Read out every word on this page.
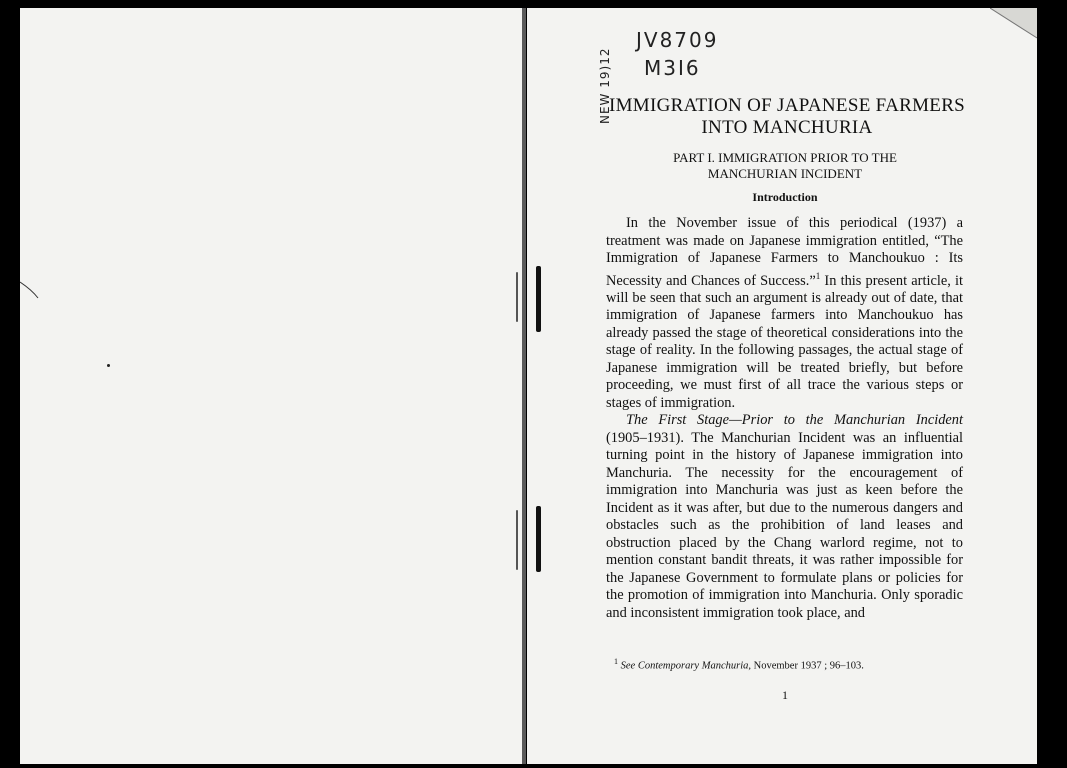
JV8709
M3I6
NEW 19)12
IMMIGRATION OF JAPANESE FARMERS
INTO MANCHURIA
PART I. IMMIGRATION PRIOR TO THE
MANCHURIAN INCIDENT
Introduction

In the November issue of this periodical (1937) a treatment was made on Japanese immigration entitled, “The Immigration of Japanese Farmers to Manchoukuo : Its Necessity and Chances of Success.”$^1$ In this present article, it will be seen that such an argument is already out of date, that immigration of Japanese farmers into Manchoukuo has already passed the stage of theoretical considerations into the stage of reality. In the following passages, the actual stage of Japanese immigration will be treated briefly, but before proceeding, we must first of all trace the various steps or stages of immigration.

The First Stage—Prior to the Manchurian Incident (1905–1931). The Manchurian Incident was an influential turning point in the history of Japanese immigration into Manchuria. The necessity for the encouragement of immigration into Manchuria was just as keen before the Incident as it was after, but due to the numerous dangers and obstacles such as the prohibition of land leases and obstruction placed by the Chang warlord regime, not to mention constant bandit threats, it was rather impossible for the Japanese Government to formulate plans or policies for the promotion of immigration into Manchuria. Only sporadic and inconsistent immigration took place, and

$^1$ See Contemporary Manchuria, November 1937 ; 96–103.
1
